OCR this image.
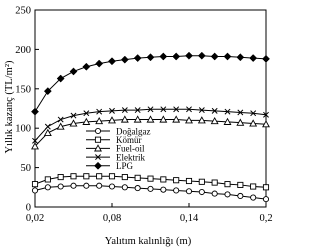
0,02	0,08	0,14	0,2
0
50
100
150
200
250
Doğalgaz
Kömür
Fuel-oil
Elektrik
LPG
Yıllık kazanç (TL/m²)
Yalıtım kalınlığı (m)
